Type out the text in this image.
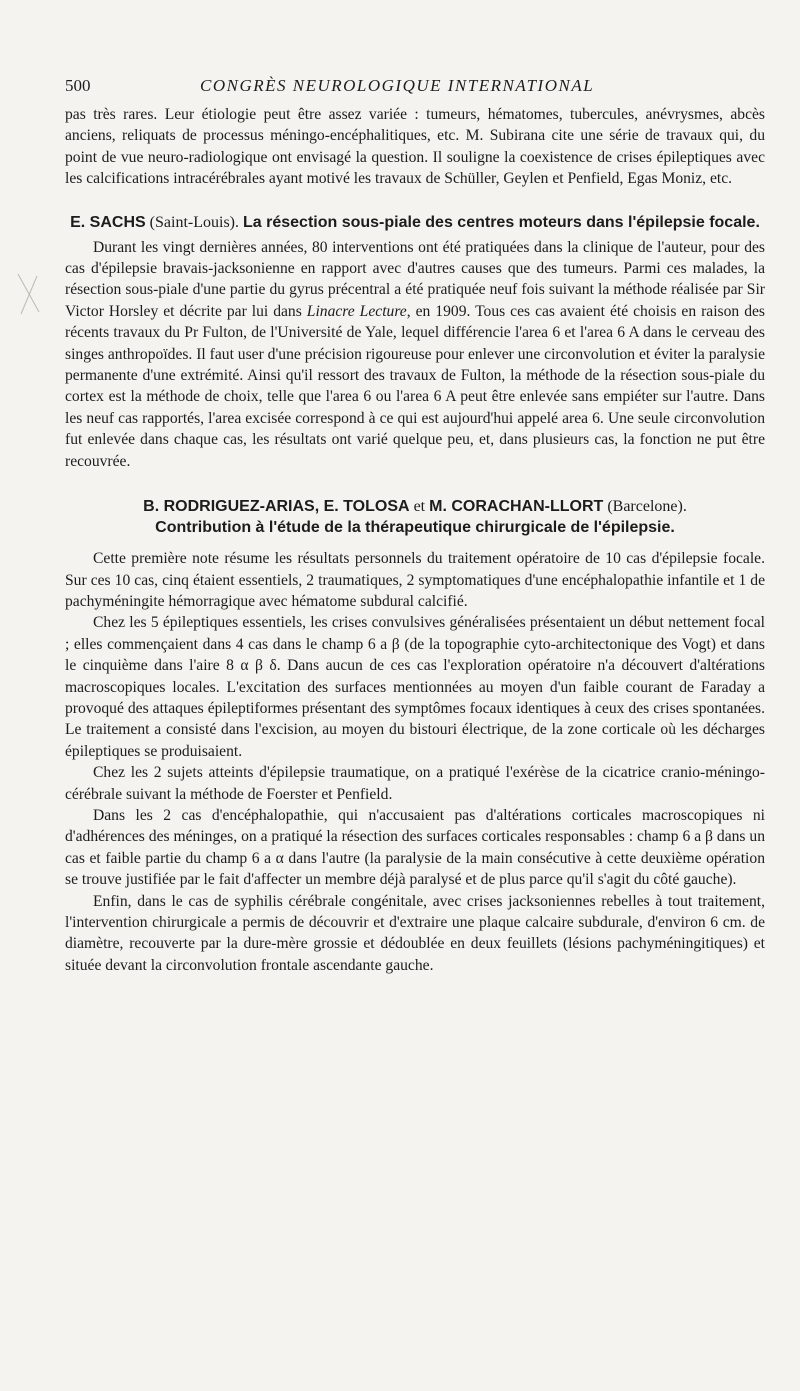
500	CONGRÈS NEUROLOGIQUE INTERNATIONAL

pas très rares. Leur étiologie peut être assez variée : tumeurs, hématomes, tubercules, anévrysmes, abcès anciens, reliquats de processus méningo-encéphalitiques, etc. M. Subirana cite une série de travaux qui, du point de vue neuro-radiologique ont envisagé la question. Il souligne la coexistence de crises épileptiques avec les calcifications intracérébrales ayant motivé les travaux de Schüller, Geylen et Penfield, Egas Moniz, etc.

E. SACHS (Saint-Louis). La résection sous-piale des centres moteurs dans l'épilepsie focale.

Durant les vingt dernières années, 80 interventions ont été pratiquées dans la clinique de l'auteur, pour des cas d'épilepsie bravais-jacksonienne en rapport avec d'autres causes que des tumeurs. Parmi ces malades, la résection sous-piale d'une partie du gyrus précentral a été pratiquée neuf fois suivant la méthode réalisée par Sir Victor Horsley et décrite par lui dans Linacre Lecture, en 1909. Tous ces cas avaient été choisis en raison des récents travaux du Pr Fulton, de l'Université de Yale, lequel différencie l'area 6 et l'area 6 A dans le cerveau des singes anthropoïdes. Il faut user d'une précision rigoureuse pour enlever une circonvolution et éviter la paralysie permanente d'une extrémité. Ainsi qu'il ressort des travaux de Fulton, la méthode de la résection sous-piale du cortex est la méthode de choix, telle que l'area 6 ou l'area 6 A peut être enlevée sans empiéter sur l'autre. Dans les neuf cas rapportés, l'area excisée correspond à ce qui est aujourd'hui appelé area 6. Une seule circonvolution fut enlevée dans chaque cas, les résultats ont varié quelque peu, et, dans plusieurs cas, la fonction ne put être recouvrée.

B. RODRIGUEZ-ARIAS, E. TOLOSA et M. CORACHAN-LLORT (Barcelone).
Contribution à l'étude de la thérapeutique chirurgicale de l'épilepsie.

Cette première note résume les résultats personnels du traitement opératoire de 10 cas d'épilepsie focale. Sur ces 10 cas, cinq étaient essentiels, 2 traumatiques, 2 symptomatiques d'une encéphalopathie infantile et 1 de pachyméningite hémorragique avec hématome subdural calcifié.

Chez les 5 épileptiques essentiels, les crises convulsives généralisées présentaient un début nettement focal ; elles commençaient dans 4 cas dans le champ 6 a β (de la topographie cyto-architectonique des Vogt) et dans le cinquième dans l'aire 8 α β δ. Dans aucun de ces cas l'exploration opératoire n'a découvert d'altérations macroscopiques locales. L'excitation des surfaces mentionnées au moyen d'un faible courant de Faraday a provoqué des attaques épileptiformes présentant des symptômes focaux identiques à ceux des crises spontanées. Le traitement a consisté dans l'excision, au moyen du bistouri électrique, de la zone corticale où les décharges épileptiques se produisaient.

Chez les 2 sujets atteints d'épilepsie traumatique, on a pratiqué l'exérèse de la cicatrice cranio-méningo-cérébrale suivant la méthode de Foerster et Penfield.

Dans les 2 cas d'encéphalopathie, qui n'accusaient pas d'altérations corticales macroscopiques ni d'adhérences des méninges, on a pratiqué la résection des surfaces corticales responsables : champ 6 a β dans un cas et faible partie du champ 6 a α dans l'autre (la paralysie de la main consécutive à cette deuxième opération se trouve justifiée par le fait d'affecter un membre déjà paralysé et de plus parce qu'il s'agit du côté gauche).

Enfin, dans le cas de syphilis cérébrale congénitale, avec crises jacksoniennes rebelles à tout traitement, l'intervention chirurgicale a permis de découvrir et d'extraire une plaque calcaire subdurale, d'environ 6 cm. de diamètre, recouverte par la dure-mère grossie et dédoublée en deux feuillets (lésions pachyméningitiques) et située devant la circonvolution frontale ascendante gauche.
